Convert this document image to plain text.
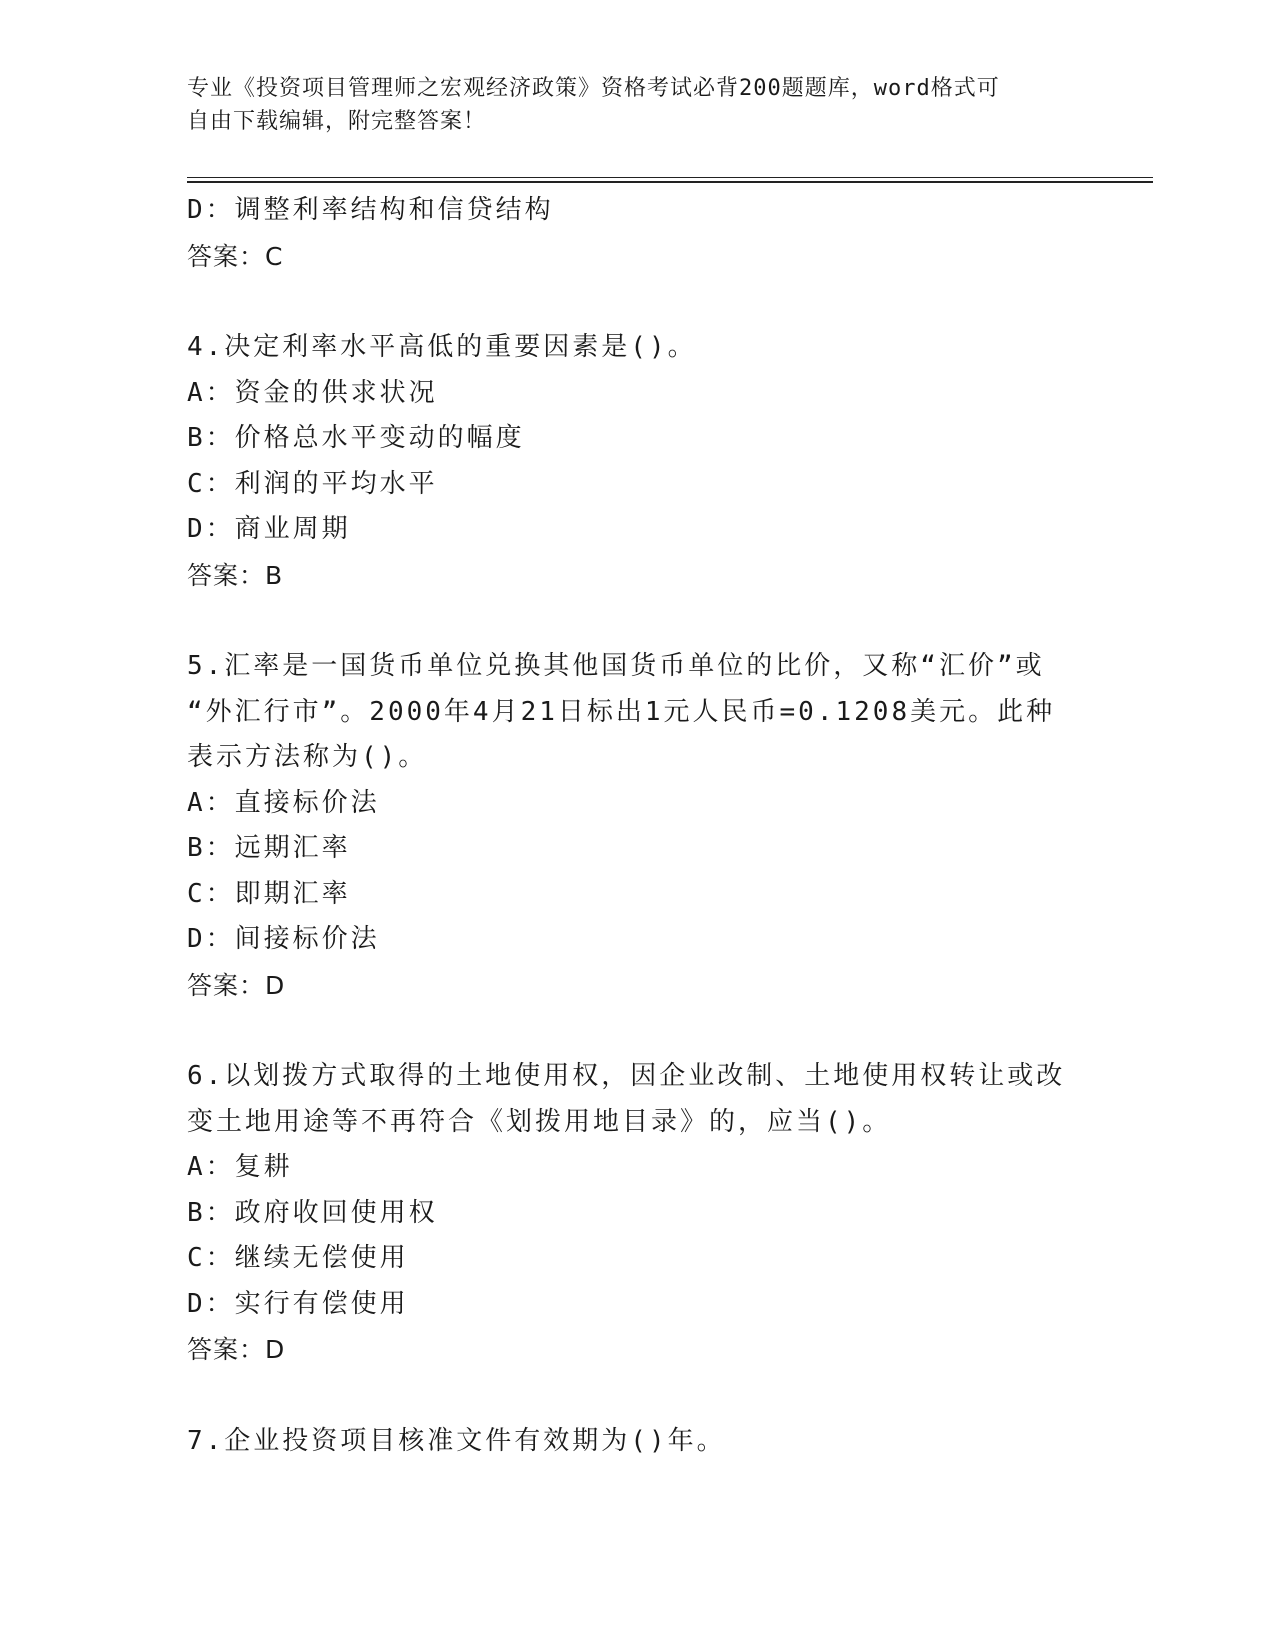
专业《投资项目管理师之宏观经济政策》资格考试必背200题题库，word格式可
自由下载编辑，附完整答案！
D：调整利率结构和信贷结构
答案：C
4.决定利率水平高低的重要因素是()。
A：资金的供求状况
B：价格总水平变动的幅度
C：利润的平均水平
D：商业周期
答案：B
5.汇率是一国货币单位兑换其他国货币单位的比价，又称“汇价”或
“外汇行市”。2000年4月21日标出1元人民币=0.1208美元。此种
表示方法称为()。
A：直接标价法
B：远期汇率
C：即期汇率
D：间接标价法
答案：D
6.以划拨方式取得的土地使用权，因企业改制、土地使用权转让或改
变土地用途等不再符合《划拨用地目录》的，应当()。
A：复耕
B：政府收回使用权
C：继续无偿使用
D：实行有偿使用
答案：D
7.企业投资项目核准文件有效期为()年。
